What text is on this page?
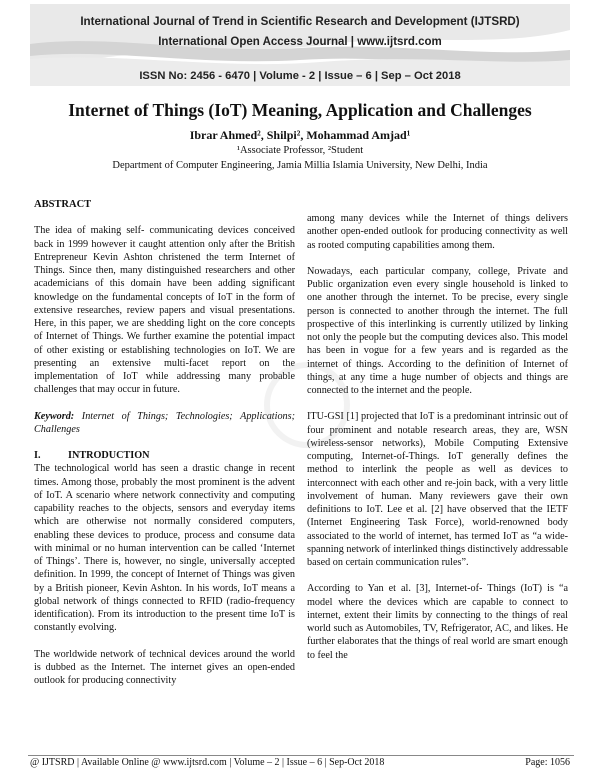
International Journal of Trend in Scientific Research and Development (IJTSRD)
International Open Access Journal | www.ijtsrd.com
ISSN No: 2456 - 6470 | Volume - 2 | Issue – 6 | Sep – Oct 2018
Internet of Things (IoT) Meaning, Application and Challenges
Ibrar Ahmed², Shilpi², Mohammad Amjad¹
¹Associate Professor, ²Student
Department of Computer Engineering, Jamia Millia Islamia University, New Delhi, India

ABSTRACT

The idea of making self- communicating devices conceived back in 1999 however it caught attention only after the British Entrepreneur Kevin Ashton christened the term Internet of Things. Since then, many distinguished researchers and other academicians of this domain have been adding significant knowledge on the fundamental concepts of IoT in the form of extensive researches, review papers and visual presentations. Here, in this paper, we are shedding light on the core concepts of Internet of Things. We further examine the potential impact of other existing or establishing technologies on IoT. We are presenting an extensive multi-facet report on the implementation of IoT while addressing many probable challenges that may occur in future.

Keyword: Internet of Things; Technologies; Applications; Challenges

I.	INTRODUCTION

The technological world has seen a drastic change in recent times. Among those, probably the most prominent is the advent of IoT. A scenario where network connectivity and computing capability reaches to the objects, sensors and everyday items which are otherwise not normally considered computers, enabling these devices to produce, process and consume data with minimal or no human intervention can be called ‘Internet of Things’. There is, however, no single, universally accepted definition. In 1999, the concept of Internet of Things was given by a British pioneer, Kevin Ashton. In his words, IoT means a global network of things connected to RFID (radio-frequency identification). From its introduction to the present time IoT is constantly evolving.

The worldwide network of technical devices around the world is dubbed as the Internet. The internet gives an open-ended outlook for producing connectivity

among many devices while the Internet of things delivers another open-ended outlook for producing connectivity as well as rooted computing capabilities among them.

Nowadays, each particular company, college, Private and Public organization even every single household is linked to one another through the internet. To be precise, every single person is connected to another through the internet. The full prospective of this interlinking is currently utilized by linking not only the people but the computing devices also. This model has been in vogue for a few years and is regarded as the internet of things. According to the definition of Internet of things, at any time a huge number of objects and things are connected to the internet and the people.

ITU-GSI [1] projected that IoT is a predominant intrinsic out of four prominent and notable research areas, they are, WSN (wireless-sensor networks), Mobile Computing Extensive computing, Internet-of-Things. IoT generally defines the method to interlink the people as well as devices to interconnect with each other and re-join back, with a very little involvement of human. Many reviewers gave their own definitions to IoT. Lee et al. [2] have observed that the IETF (Internet Engineering Task Force), world-renowned body associated to the world of internet, has termed IoT as “a wide- spanning network of interlinked things distinctively addressable based on certain communication rules”.

According to Yan et al. [3], Internet-of- Things (IoT) is “a model where the devices which are capable to connect to internet, extent their limits by connecting to the things of real world such as Automobiles, TV, Refrigerator, AC, and likes. He further elaborates that the things of real world are smart enough to feel the

@ IJTSRD | Available Online @ www.ijtsrd.com | Volume – 2 | Issue – 6 | Sep-Oct 2018	Page: 1056
